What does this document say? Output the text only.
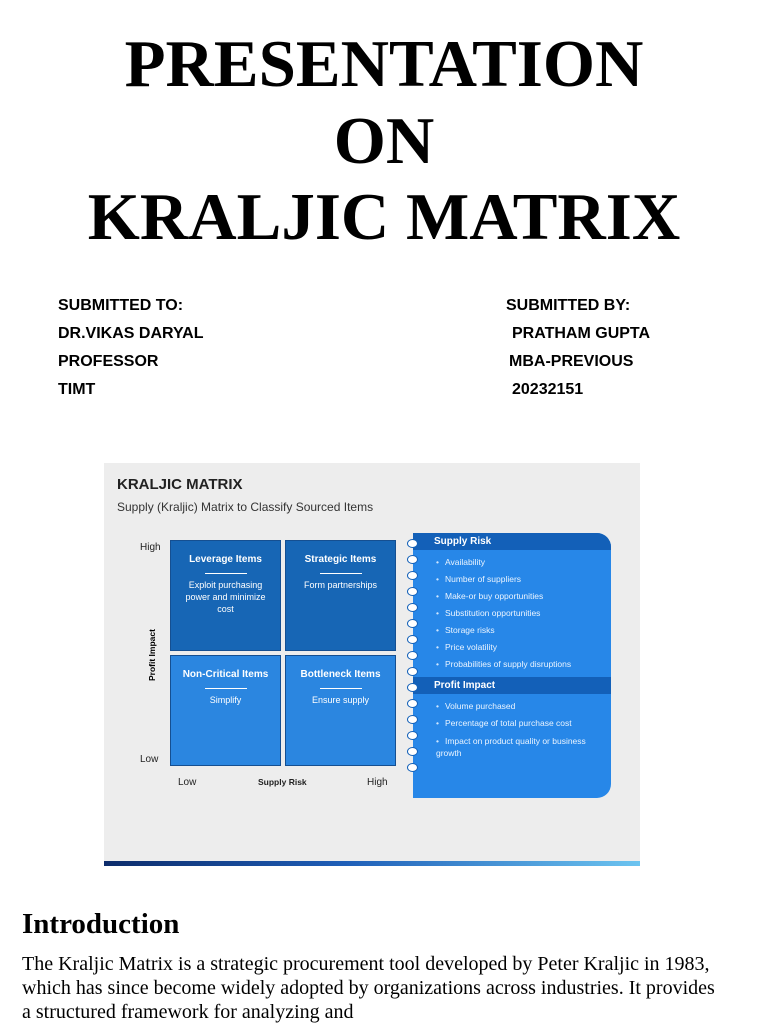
PRESENTATION
ON
KRALJIC MATRIX
SUBMITTED TO:
DR.VIKAS DARYAL
PROFESSOR
TIMT
SUBMITTED BY:
PRATHAM GUPTA
MBA-PREVIOUS
20232151
KRALJIC MATRIX
Supply (Kraljic) Matrix to Classify Sourced Items
High
Low
Profit Impact
Low	Supply Risk	High
Leverage Items
Exploit purchasing power and minimize cost
Strategic Items
Form partnerships
Non-Critical Items
Simplify
Bottleneck Items
Ensure supply
Supply Risk
• Availability
• Number of suppliers
• Make-or buy opportunities
• Substitution opportunities
• Storage risks
• Price volatility
• Probabilities of supply disruptions
Profit Impact
• Volume purchased
• Percentage of total purchase cost
• Impact on product quality or business growth
Introduction

The Kraljic Matrix is a strategic procurement tool developed by Peter Kraljic in 1983, which has since become widely adopted by organizations across industries. It provides a structured framework for analyzing and
